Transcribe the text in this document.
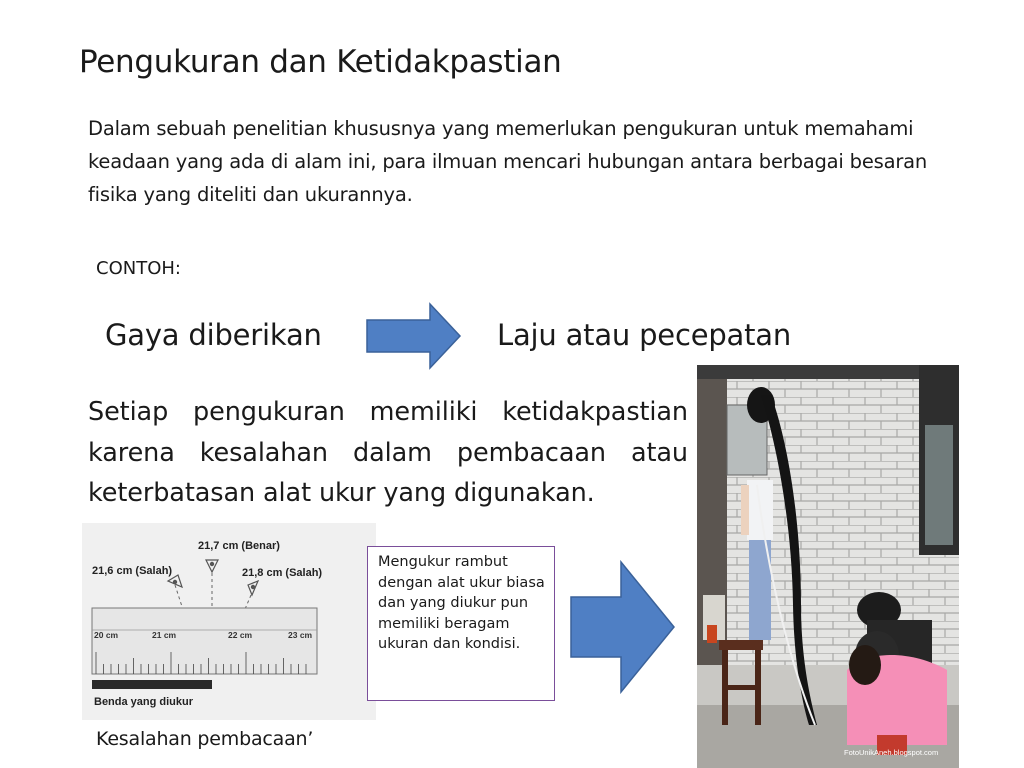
Pengukuran dan Ketidakpastian
Dalam sebuah penelitian khususnya yang memerlukan pengukuran untuk memahami keadaan yang ada di alam ini, para ilmuan mencari hubungan antara berbagai besaran fisika yang diteliti dan ukurannya.
CONTOH:
Gaya diberikan	Laju atau pecepatan
Setiap pengukuran memiliki ketidakpastian karena kesalahan dalam pembacaan atau keterbatasan alat ukur yang digunakan.
21,7 cm (Benar)
21,6 cm (Salah)	21,8 cm (Salah)
20 cm	21 cm	22 cm	23 cm
Benda yang diukur
Kesalahan pembacaan’
Mengukur rambut dengan alat ukur biasa dan yang diukur pun memiliki beragam ukuran dan kondisi.
FotoUnikAneh.blogspot.com
